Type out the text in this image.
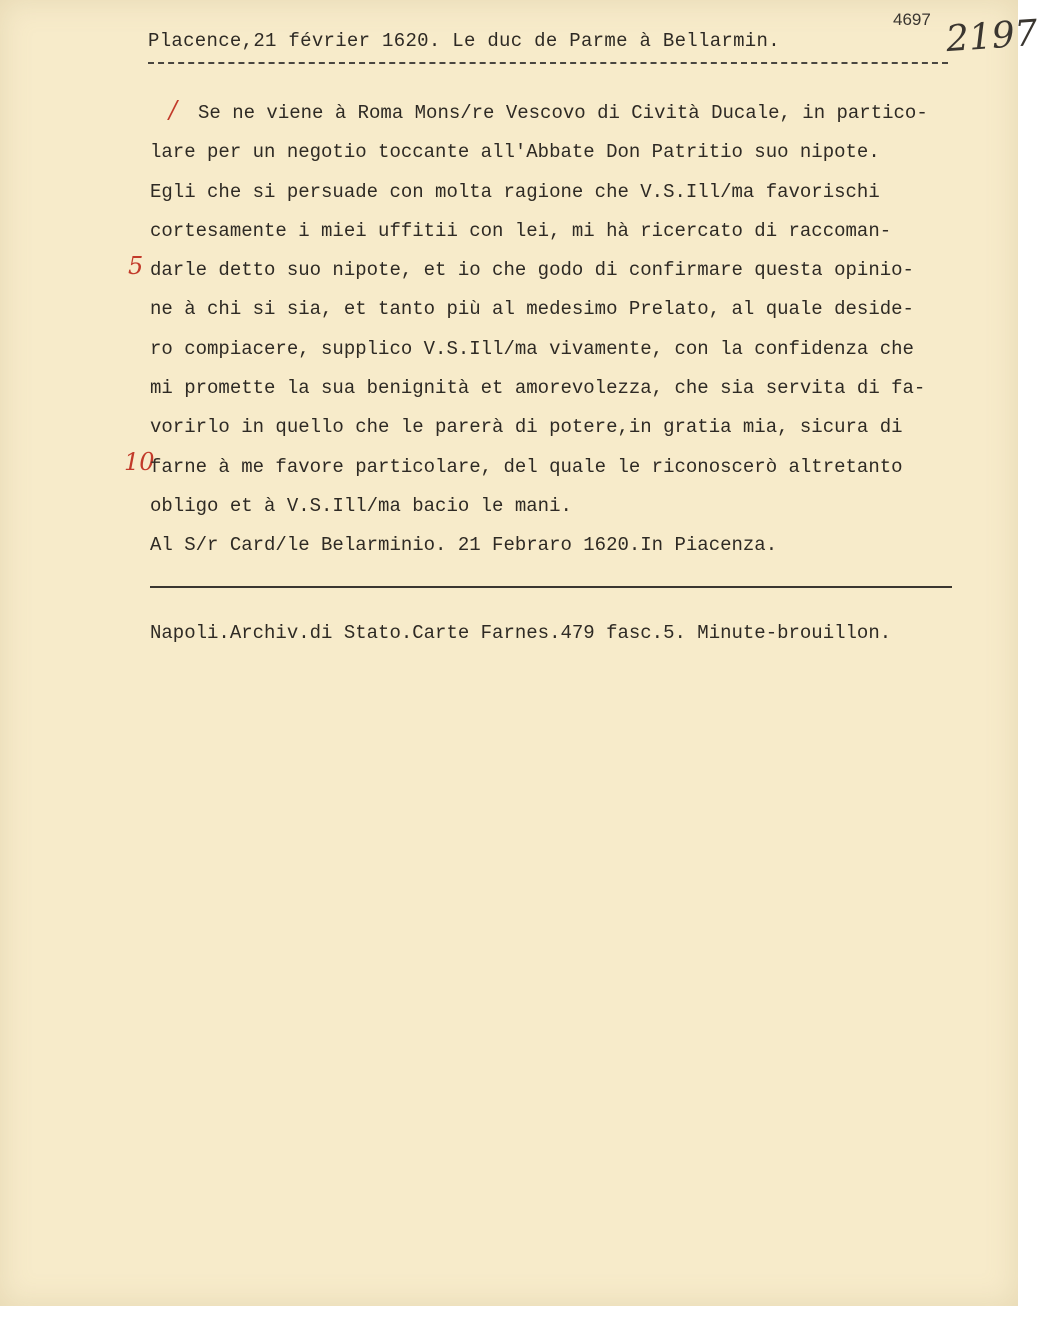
Placence,21 février 1620. Le duc de Parme à Bellarmin.
4697 2197
/
5
10
Se ne viene à Roma Mons/re Vescovo di Cività Ducale, in partico-
lare per un negotio toccante all'Abbate Don Patritio suo nipote.
Egli che si persuade con molta ragione che V.S.Ill/ma favorischi
cortesamente i miei uffitii con lei, mi hà ricercato di raccoman-
darle detto suo nipote, et io che godo di confirmare questa opinio-
ne à chi si sia, et tanto più al medesimo Prelato, al quale deside-
ro compiacere, supplico V.S.Ill/ma vivamente, con la confidenza che
mi promette la sua benignità et amorevolezza, che sia servita di fa-
vorirlo in quello che le parerà di potere,in gratia mia, sicura di
farne à me favore particolare, del quale le riconoscerò altretanto
obligo et à V.S.Ill/ma bacio le mani.
Al S/r Card/le Belarminio. 21 Febraro 1620.In Piacenza.
Napoli.Archiv.di Stato.Carte Farnes.479 fasc.5. Minute-brouillon.
